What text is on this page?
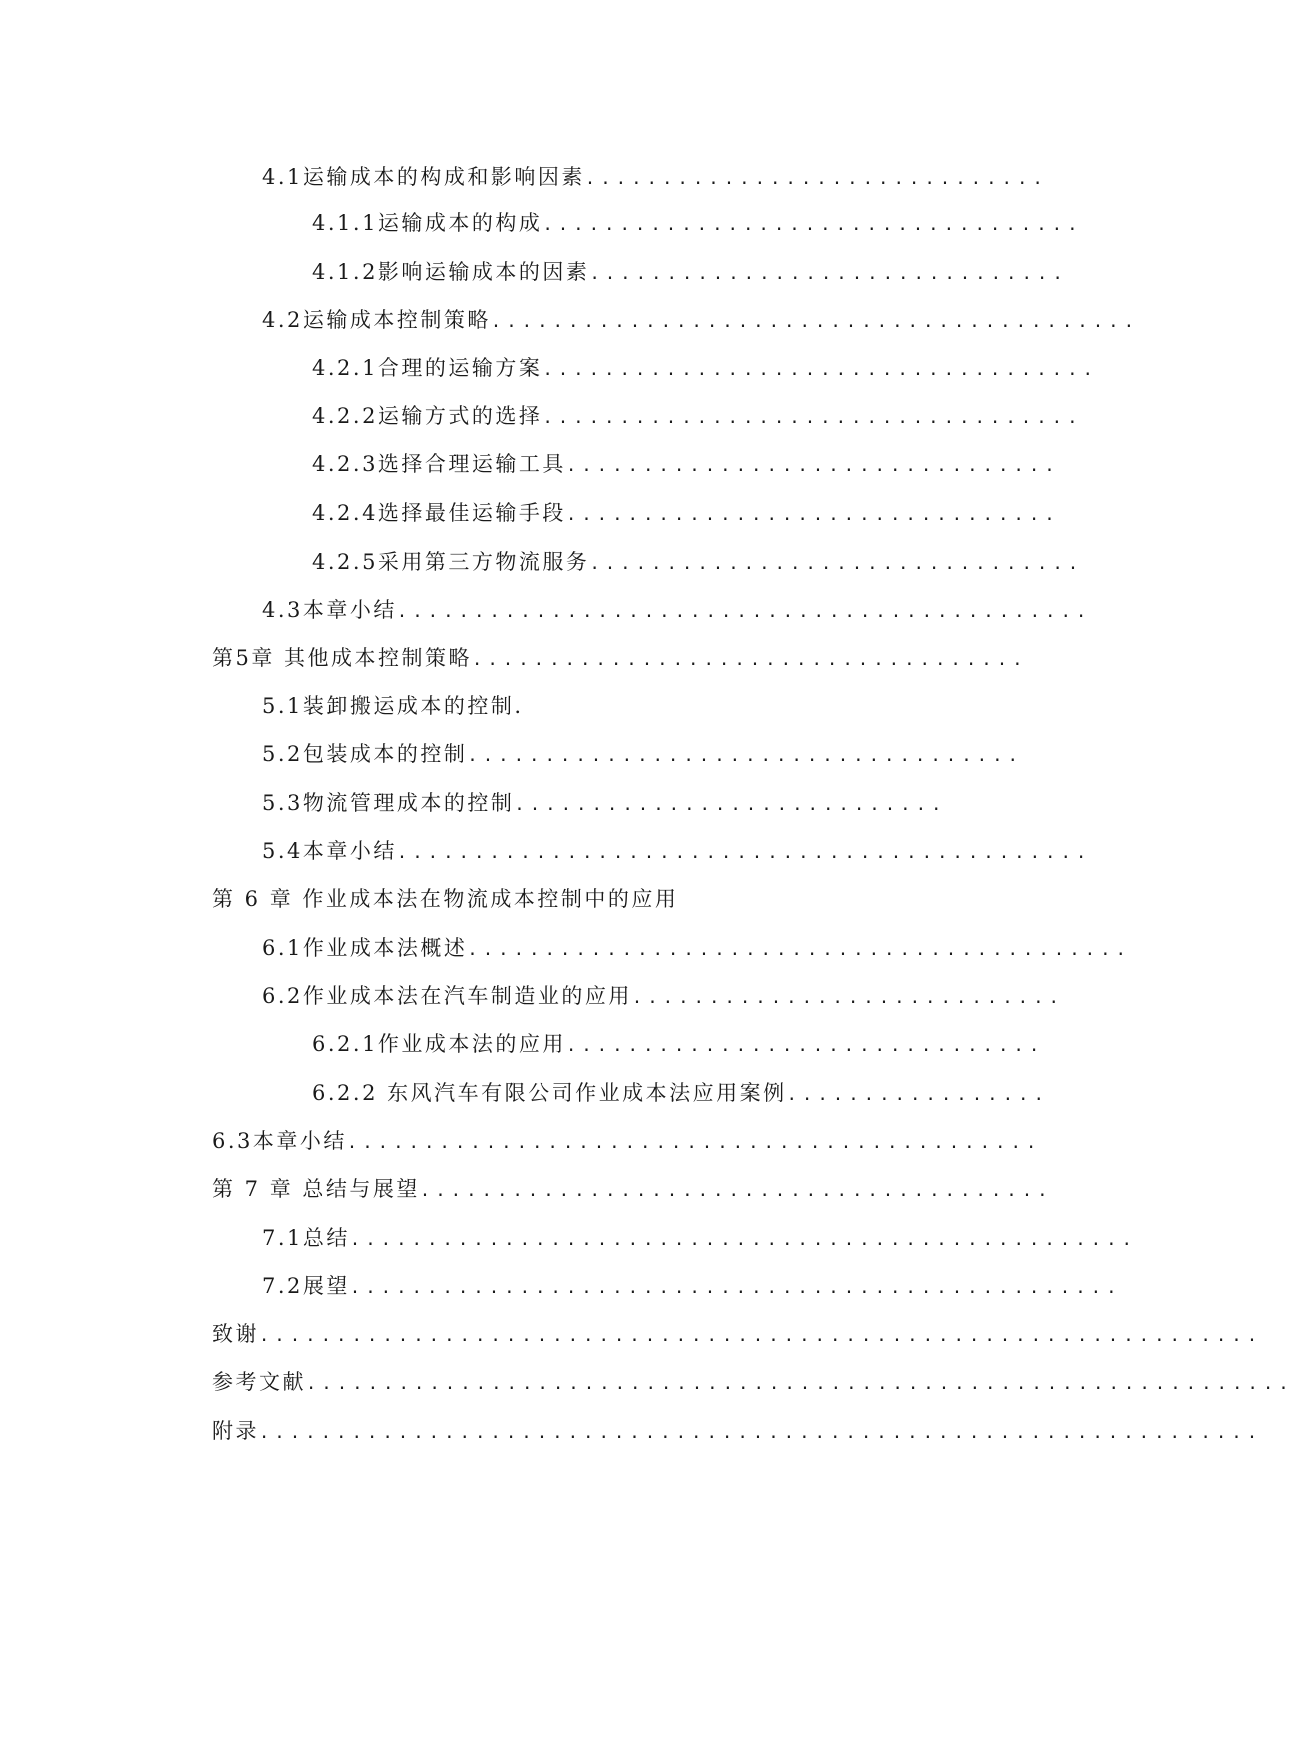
4.1运输成本的构成和影响因素 ..............................
4.1.1运输成本的构成 ...................................
4.1.2影响运输成本的因素 ...............................
4.2运输成本控制策略 ..........................................
4.2.1合理的运输方案 ....................................
4.2.2运输方式的选择 ...................................
4.2.3选择合理运输工具 ................................
4.2.4选择最佳运输手段 ................................
4.2.5采用第三方物流服务 ................................
4.3本章小结 .............................................
第5章 其他成本控制策略 ....................................
5.1装卸搬运成本的控制.
5.2包装成本的控制 ....................................
5.3物流管理成本的控制 ............................
5.4本章小结 .............................................
第 6 章 作业成本法在物流成本控制中的应用
6.1作业成本法概述 ...........................................
6.2作业成本法在汽车制造业的应用 ............................
6.2.1作业成本法的应用 ...............................
6.2.2 东风汽车有限公司作业成本法应用案例 .................
6.3本章小结 .............................................
第 7 章 总结与展望 .........................................
7.1总结 ...................................................
7.2展望 ..................................................
致谢 .................................................................
参考文献 ................................................................
附录 .................................................................
